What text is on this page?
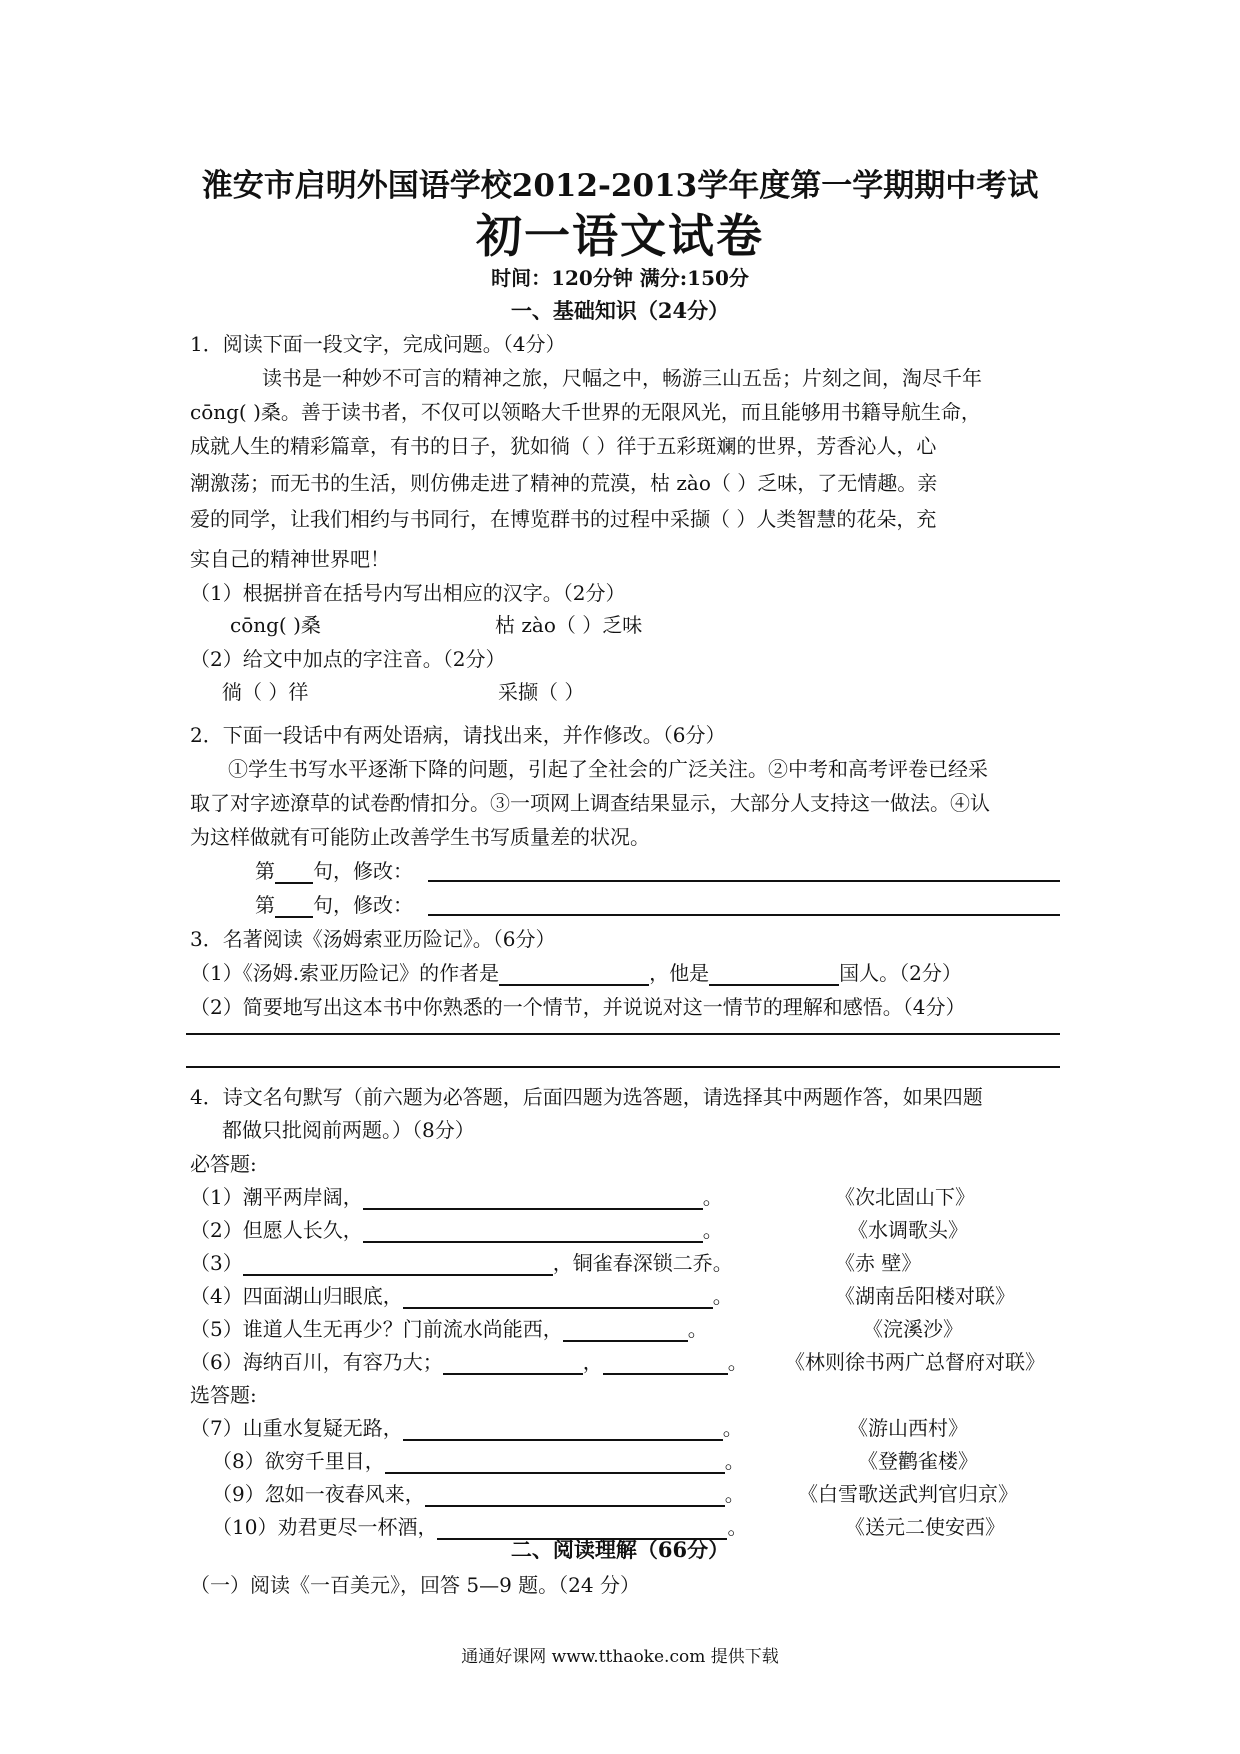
淮安市启明外国语学校2012-2013学年度第一学期期中考试
初一语文试卷
时间：120分钟 满分:150分
一、基础知识（24分）
1．阅读下面一段文字，完成问题。（4分）
读书是一种妙不可言的精神之旅，尺幅之中，畅游三山五岳；片刻之间，淘尽千年
cōng( )桑。善于读书者，不仅可以领略大千世界的无限风光，而且能够用书籍导航生命，
成就人生的精彩篇章，有书的日子，犹如徜（ ）徉于五彩斑斓的世界，芳香沁人，心
潮激荡；而无书的生活，则仿佛走进了精神的荒漠，枯 zào（ ）乏味，了无情趣。亲
爱的同学，让我们相约与书同行，在博览群书的过程中采撷（ ）人类智慧的花朵，充
实自己的精神世界吧！
（1）根据拼音在括号内写出相应的汉字。（2分）
cōng( )桑	枯 zào（ ）乏味
（2）给文中加点的字注音。（2分）
徜（ ）徉	采撷（ ）
2．下面一段话中有两处语病，请找出来，并作修改。（6分）
①学生书写水平逐渐下降的问题，引起了全社会的广泛关注。②中考和高考评卷已经采
取了对字迹潦草的试卷酌情扣分。③一项网上调查结果显示，大部分人支持这一做法。④认
为这样做就有可能防止改善学生书写质量差的状况。
第 句，修改：
第 句，修改：
3．名著阅读《汤姆索亚历险记》。（6分）
（1）《汤姆.索亚历险记》的作者是	，他是	国人。（2分）
（2）简要地写出这本书中你熟悉的一个情节，并说说对这一情节的理解和感悟。（4分）
4．诗文名句默写（前六题为必答题，后面四题为选答题，请选择其中两题作答，如果四题
都做只批阅前两题。）（8分）
必答题:
（1）潮平两岸阔，	。	《次北固山下》
（2）但愿人长久，	。	《水调歌头》
（3）	，铜雀春深锁二乔。	《赤 壁》
（4）四面湖山归眼底，	。	《湖南岳阳楼对联》
（5）谁道人生无再少？门前流水尚能西，	。	《浣溪沙》
（6）海纳百川，有容乃大；	，	。 《林则徐书两广总督府对联》
选答题:
（7）山重水复疑无路，	。	《游山西村》
（8）欲穷千里目，	。	《登鹳雀楼》
（9）忽如一夜春风来，	。	《白雪歌送武判官归京》
（10）劝君更尽一杯酒，	。	《送元二使安西》
二、阅读理解（66分）
（一）阅读《一百美元》，回答 5—9 题。（24 分）
通通好课网 www.tthaoke.com 提供下载
